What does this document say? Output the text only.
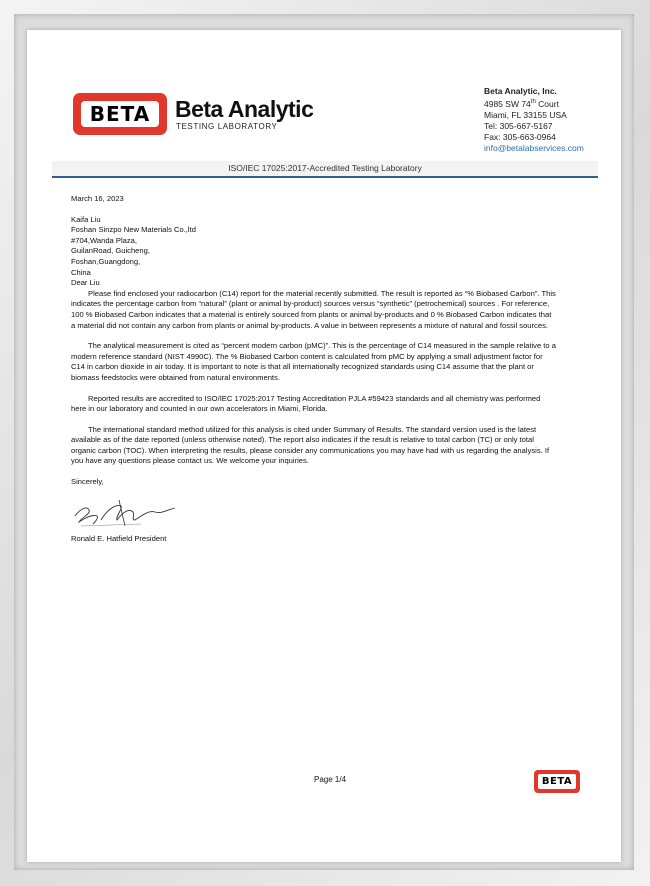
BETA Beta Analytic
TESTING LABORATORY
Beta Analytic, Inc.
4985 SW 74th Court
Miami, FL 33155 USA
Tel: 305-667-5167
Fax: 305-663-0964
info@betalabservices.com
ISO/IEC 17025:2017-Accredited Testing Laboratory
March 16, 2023
Kaifa Liu
Foshan Sinzpo New Materials Co.,ltd
#704,Wanda Plaza,
GuilanRoad, Guicheng,
Foshan,Guangdong,
China
Dear Liu

Please find enclosed your radiocarbon (C14) report for the material recently submitted. The result is reported as “% Biobased Carbon”. This indicates the percentage carbon from “natural” (plant or animal by-product) sources versus “synthetic” (petrochemical) sources . For reference, 100 % Biobased Carbon indicates that a material is entirely sourced from plants or animal by-products and 0 % Biobased Carbon indicates that a material did not contain any carbon from plants or animal by-products. A value in between represents a mixture of natural and fossil sources.

The analytical measurement is cited as “percent modern carbon (pMC)”. This is the percentage of C14 measured in the sample relative to a modern reference standard (NIST 4990C). The % Biobased Carbon content is calculated from pMC by applying a small adjustment factor for C14 in carbon dioxide in air today. It is important to note is that all internationally recognized standards using C14 assume that the plant or biomass feedstocks were obtained from natural environments.

Reported results are accredited to ISO/IEC 17025:2017 Testing Accreditation PJLA #59423 standards and all chemistry was performed here in our laboratory and counted in our own accelerators in Miami, Florida.

The international standard method utilized for this analysis is cited under Summary of Results. The standard version used is the latest available as of the date reported (unless otherwise noted). The report also indicates if the result is relative to total carbon (TC) or only total organic carbon (TOC). When interpreting the results, please consider any communications you may have had with us regarding the analysis. If you have any questions please contact us. We welcome your inquiries.

Sincerely,
Ronald E. Hatfield President
Page 1/4	BETA
